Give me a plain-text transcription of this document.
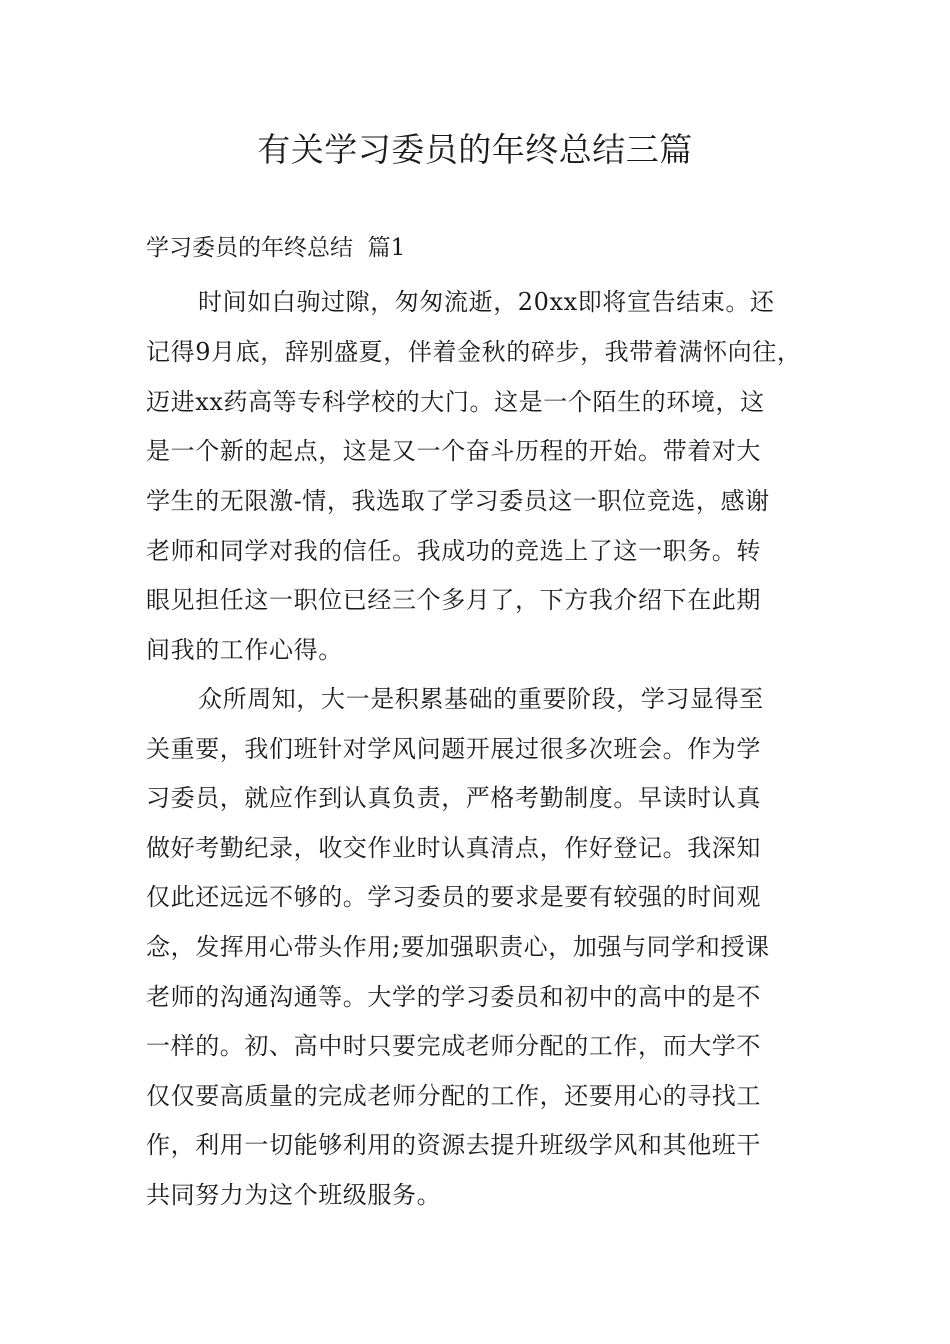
有关学习委员的年终总结三篇

学习委员的年终总结  篇1

时间如白驹过隙，匆匆流逝，20xx即将宣告结束。还

记得9月底，辞别盛夏，伴着金秋的碎步，我带着满怀向往，

迈进xx药高等专科学校的大门。这是一个陌生的环境，这

是一个新的起点，这是又一个奋斗历程的开始。带着对大

学生的无限激-情，我选取了学习委员这一职位竞选，感谢

老师和同学对我的信任。我成功的竞选上了这一职务。转

眼见担任这一职位已经三个多月了，下方我介绍下在此期

间我的工作心得。

众所周知，大一是积累基础的重要阶段，学习显得至

关重要，我们班针对学风问题开展过很多次班会。作为学

习委员，就应作到认真负责，严格考勤制度。早读时认真

做好考勤纪录，收交作业时认真清点，作好登记。我深知

仅此还远远不够的。学习委员的要求是要有较强的时间观

念，发挥用心带头作用;要加强职责心，加强与同学和授课

老师的沟通沟通等。大学的学习委员和初中的高中的是不

一样的。初、高中时只要完成老师分配的工作，而大学不

仅仅要高质量的完成老师分配的工作，还要用心的寻找工

作，利用一切能够利用的资源去提升班级学风和其他班干

共同努力为这个班级服务。
